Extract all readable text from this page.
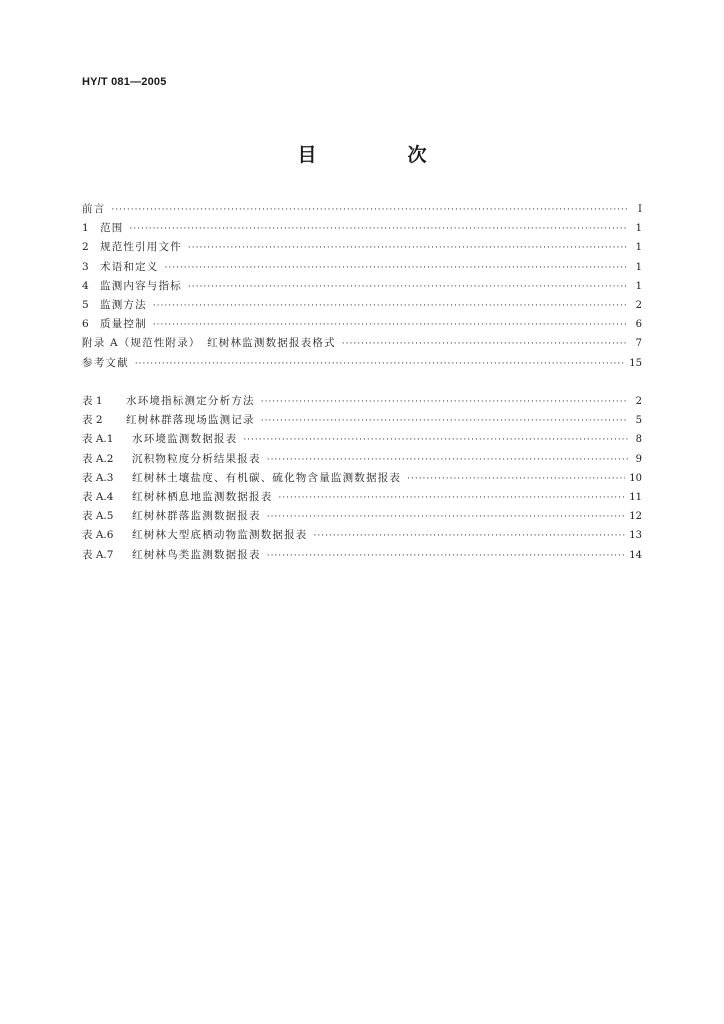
HY/T 081—2005
目　次
前言 ·····	I
1	范围 ·····	1
2	规范性引用文件 ·····	1
3	术语和定义 ·····	1
4	监测内容与指标 ·····	1
5	监测方法 ·····	2
6	质量控制 ·····	6
附录 A（规范性附录）　红树林监测数据报表格式 ·····	7
参考文献 ·····	15
表 1	水环境指标测定分析方法 ·····	2
表 2	红树林群落现场监测记录 ·····	5
表 A.1	水环境监测数据报表 ·····	8
表 A.2	沉积物粒度分析结果报表 ·····	9
表 A.3	红树林土壤盐度、有机碳、硫化物含量监测数据报表 ·····	10
表 A.4	红树林栖息地监测数据报表 ·····	11
表 A.5	红树林群落监测数据报表 ·····	12
表 A.6	红树林大型底栖动物监测数据报表 ·····	13
表 A.7	红树林鸟类监测数据报表 ·····	14
